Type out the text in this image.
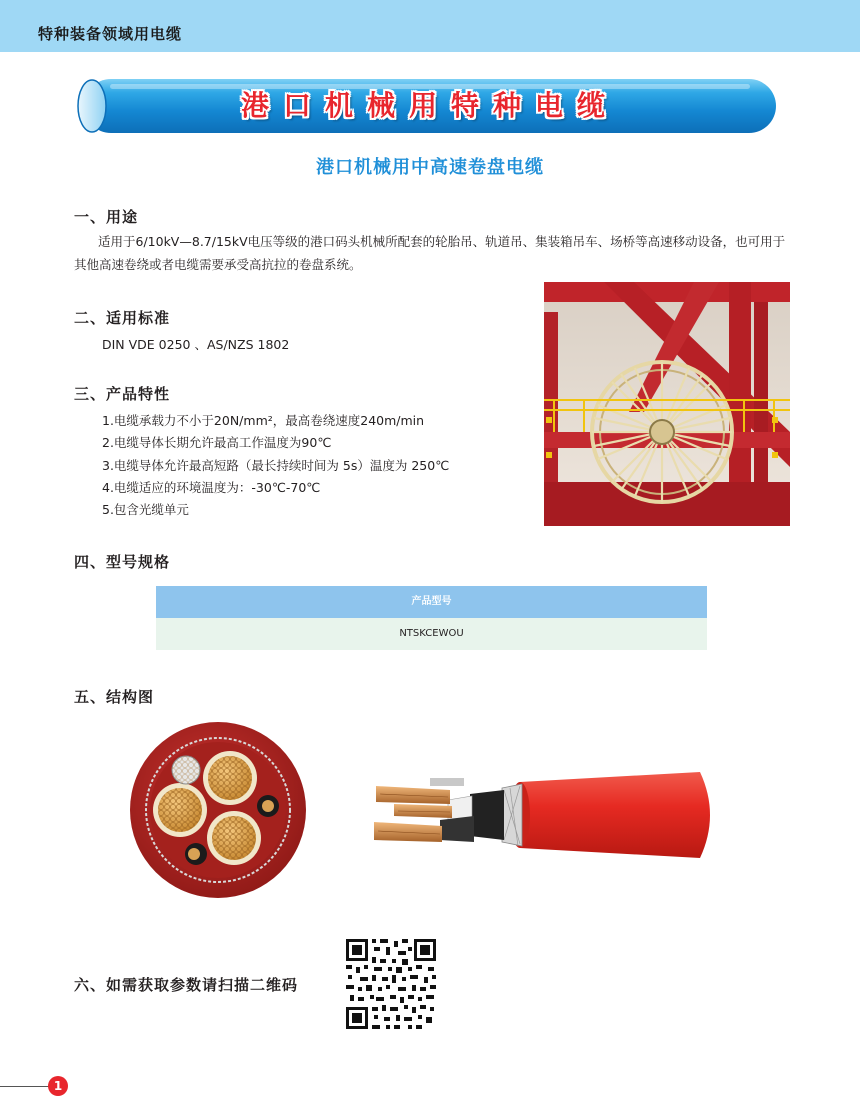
特种装备领域用电缆
港口机械用特种电缆
港口机械用中高速卷盘电缆
一、用途
适用于6/10kV—8.7/15kV电压等级的港口码头机械所配套的轮胎吊、轨道吊、集装箱吊车、场桥等高速移动设备，也可用于其他高速卷绕或者电缆需要承受高抗拉的卷盘系统。
二、适用标准
DIN VDE 0250 、AS/NZS 1802
三、产品特性
1.电缆承载力不小于20N/mm²，最高卷绕速度240m/min
2.电缆导体长期允许最高工作温度为90℃
3.电缆导体允许最高短路（最长持续时间为 5s）温度为 250℃
4.电缆适应的环境温度为：-30℃-70℃
5.包含光缆单元
四、型号规格
产品型号
NTSKCEWOU
五、结构图
六、如需获取参数请扫描二维码
1
